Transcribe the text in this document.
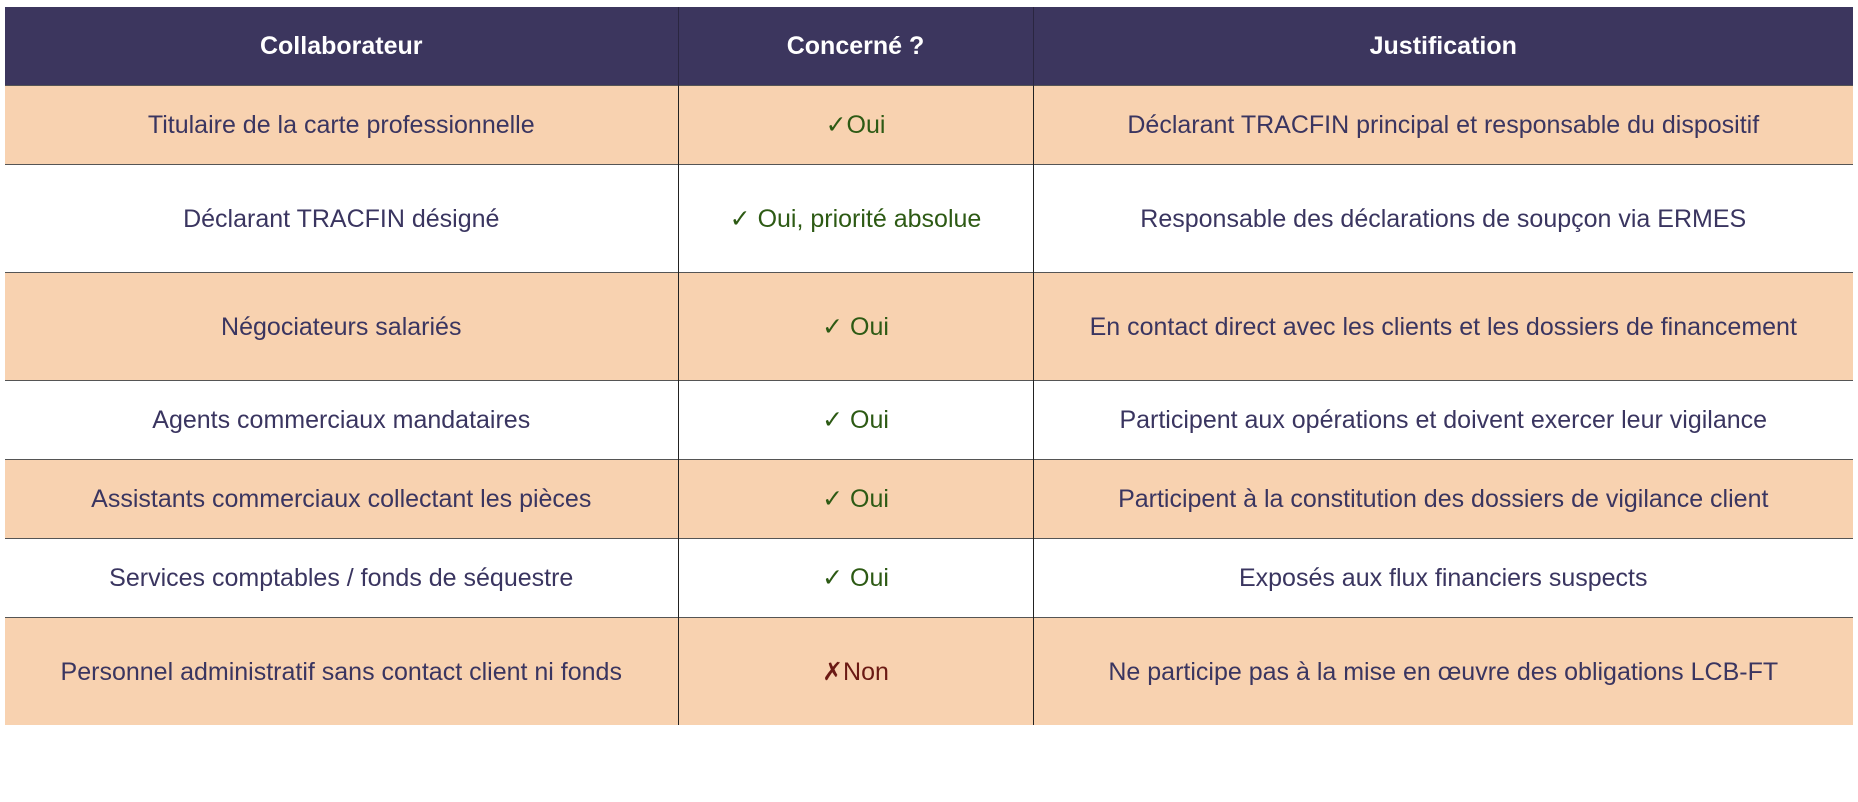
Collaborateur	Concerné ?	Justification
Titulaire de la carte professionnelle	✓Oui	Déclarant TRACFIN principal et responsable du dispositif
Déclarant TRACFIN désigné	✓ Oui, priorité absolue	Responsable des déclarations de soupçon via ERMES
Négociateurs salariés	✓ Oui	En contact direct avec les clients et les dossiers de financement
Agents commerciaux mandataires	✓ Oui	Participent aux opérations et doivent exercer leur vigilance
Assistants commerciaux collectant les pièces	✓ Oui	Participent à la constitution des dossiers de vigilance client
Services comptables / fonds de séquestre	✓ Oui	Exposés aux flux financiers suspects
Personnel administratif sans contact client ni fonds	✗Non	Ne participe pas à la mise en œuvre des obligations LCB-FT
